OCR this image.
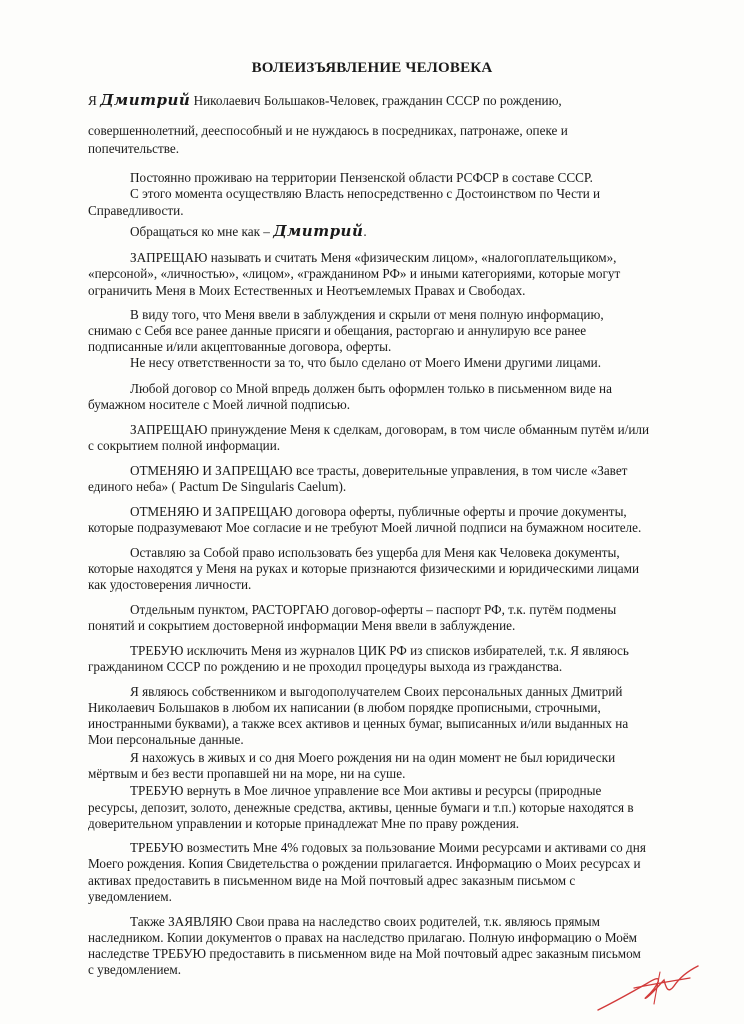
ВОЛЕИЗЪЯВЛЕНИЕ ЧЕЛОВЕКА
Я Дмитрий Николаевич Большаков-Человек, гражданин СССР по рождению,
совершеннолетний, дееспособный и не нуждаюсь в посредниках, патронаже, опеке и
попечительстве.
Постоянно проживаю на территории Пензенской области РСФСР в составе СССР.
С этого момента осуществляю Власть непосредственно с Достоинством по Чести и
Справедливости.
Обращаться ко мне как – Дмитрий.
ЗАПРЕЩАЮ называть и считать Меня «физическим лицом», «налогоплательщиком»,
«персоной», «личностью», «лицом», «гражданином РФ» и иными категориями, которые могут
ограничить Меня в Моих Естественных и Неотъемлемых Правах и Свободах.
В виду того, что Меня ввели в заблуждения и скрыли от меня полную информацию,
снимаю с Себя все ранее данные присяги и обещания, расторгаю и аннулирую все ранее
подписанные и/или акцептованные договора, оферты.
Не несу ответственности за то, что было сделано от Моего Имени другими лицами.
Любой договор со Мной впредь должен быть оформлен только в письменном виде на
бумажном носителе с Моей личной подписью.
ЗАПРЕЩАЮ принуждение Меня к сделкам, договорам, в том числе обманным путём и/или
с сокрытием полной информации.
ОТМЕНЯЮ И ЗАПРЕЩАЮ все трасты, доверительные управления, в том числе «Завет
единого неба» ( Pactum De Singularis Caelum).
ОТМЕНЯЮ И ЗАПРЕЩАЮ договора оферты, публичные оферты и прочие документы,
которые подразумевают Мое согласие и не требуют Моей личной подписи на бумажном носителе.
Оставляю за Собой право использовать без ущерба для Меня как Человека документы,
которые находятся у Меня на руках и которые признаются физическими и юридическими лицами
как удостоверения личности.
Отдельным пунктом, РАСТОРГАЮ договор-оферты – паспорт РФ, т.к. путём подмены
понятий и сокрытием достоверной информации Меня ввели в заблуждение.
ТРЕБУЮ исключить Меня из журналов ЦИК РФ из списков избирателей, т.к. Я являюсь
гражданином СССР по рождению и не проходил процедуры выхода из гражданства.
Я являюсь собственником и выгодополучателем Своих персональных данных Дмитрий
Николаевич Большаков в любом их написании (в любом порядке прописными, строчными,
иностранными буквами), а также всех активов и ценных бумаг, выписанных и/или выданных на
Мои персональные данные.
Я нахожусь в живых и со дня Моего рождения ни на один момент не был юридически
мёртвым и без вести пропавшей ни на море, ни на суше.
ТРЕБУЮ вернуть в Мое личное управление все Мои активы и ресурсы (природные
ресурсы, депозит, золото, денежные средства, активы, ценные бумаги и т.п.) которые находятся в
доверительном управлении и которые принадлежат Мне по праву рождения.
ТРЕБУЮ возместить Мне 4% годовых за пользование Моими ресурсами и активами со дня
Моего рождения. Копия Свидетельства о рождении прилагается. Информацию о Моих ресурсах и
активах предоставить в письменном виде на Мой почтовый адрес заказным письмом с
уведомлением.
Также ЗАЯВЛЯЮ Свои права на наследство своих родителей, т.к. являюсь прямым
наследником. Копии документов о правах на наследство прилагаю. Полную информацию о Моём
наследстве ТРЕБУЮ предоставить в письменном виде на Мой почтовый адрес заказным письмом
с уведомлением.
